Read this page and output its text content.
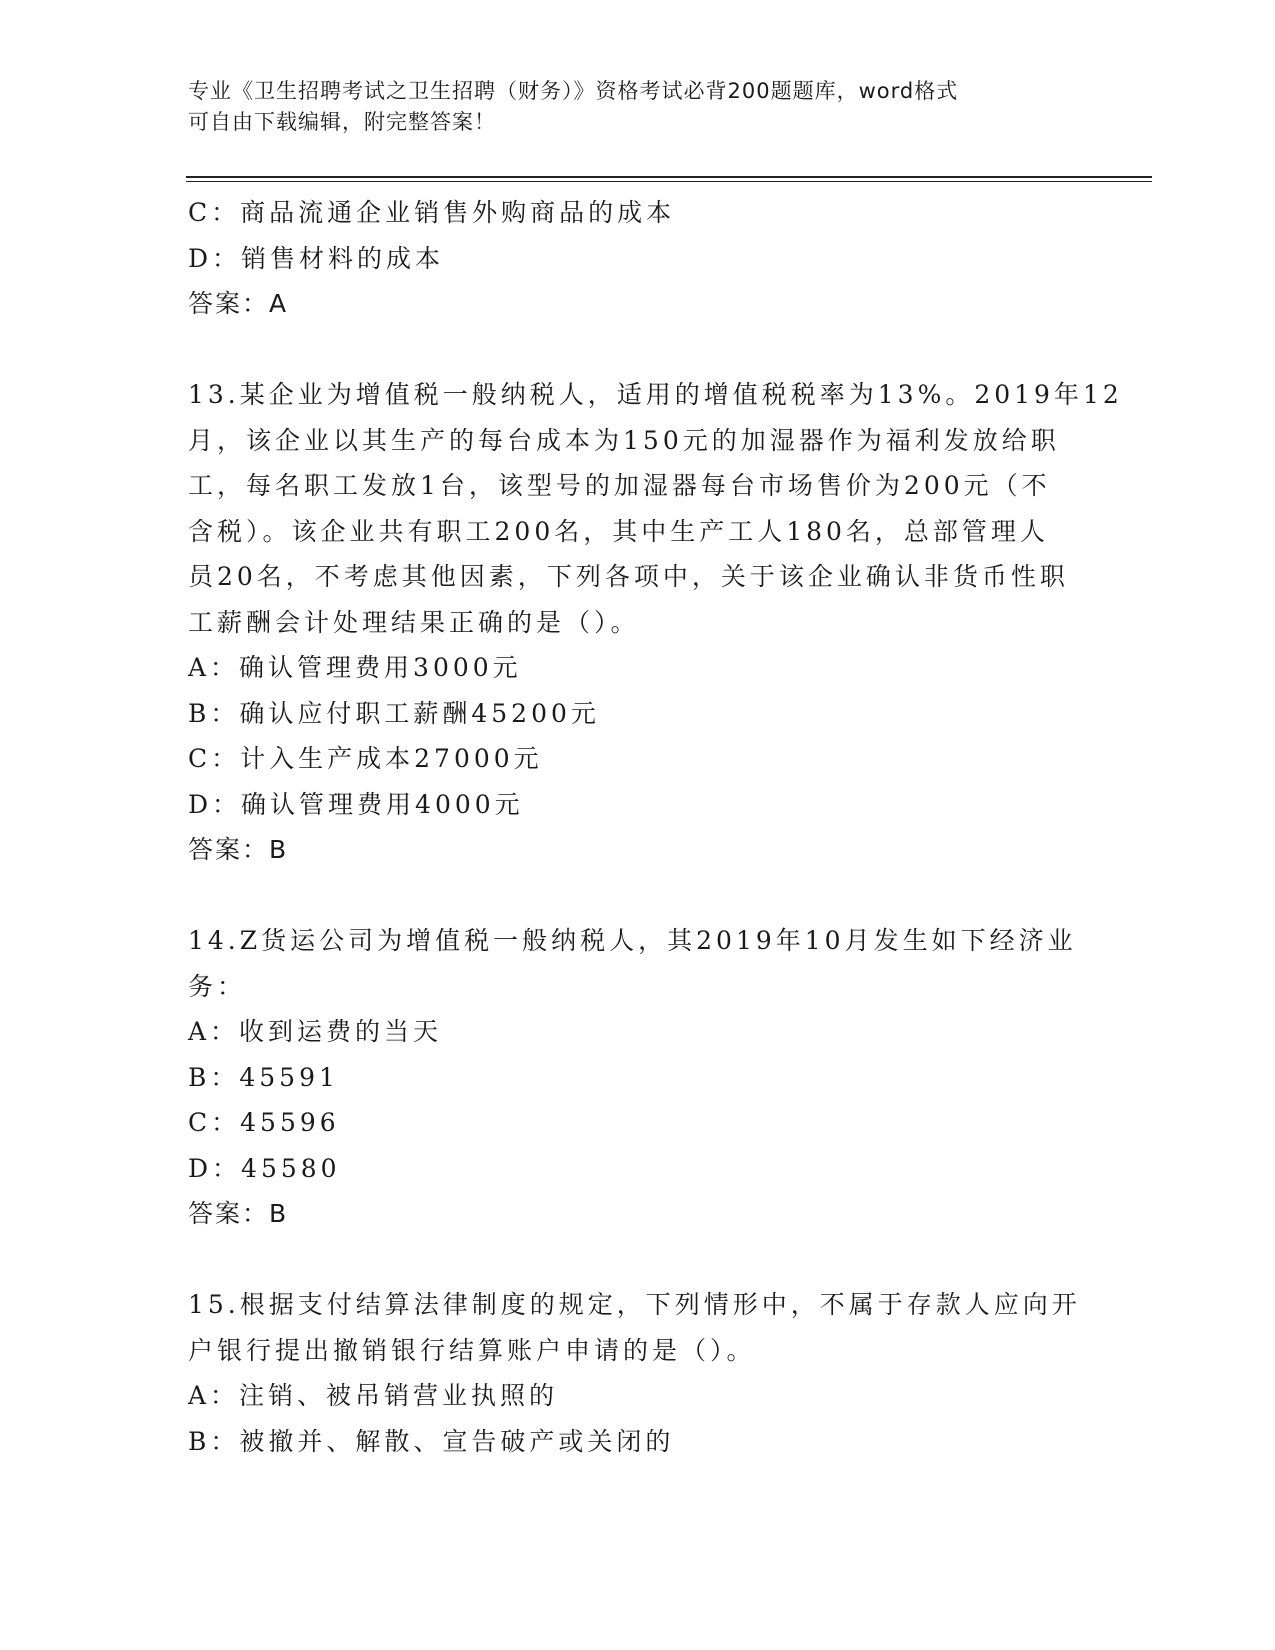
专业《卫生招聘考试之卫生招聘（财务）》资格考试必背200题题库，word格式
可自由下载编辑，附完整答案！
C：商品流通企业销售外购商品的成本
D：销售材料的成本
答案：A
13.某企业为增值税一般纳税人，适用的增值税税率为13%。2019年12
月，该企业以其生产的每台成本为150元的加湿器作为福利发放给职
工，每名职工发放1台，该型号的加湿器每台市场售价为200元（不
含税）。该企业共有职工200名，其中生产工人180名，总部管理人
员20名，不考虑其他因素，下列各项中，关于该企业确认非货币性职
工薪酬会计处理结果正确的是（）。
A：确认管理费用3000元
B：确认应付职工薪酬45200元
C：计入生产成本27000元
D：确认管理费用4000元
答案：B
14.Z货运公司为增值税一般纳税人，其2019年10月发生如下经济业
务：
A：收到运费的当天
B：45591
C：45596
D：45580
答案：B
15.根据支付结算法律制度的规定，下列情形中，不属于存款人应向开
户银行提出撤销银行结算账户申请的是（）。
A：注销、被吊销营业执照的
B：被撤并、解散、宣告破产或关闭的
